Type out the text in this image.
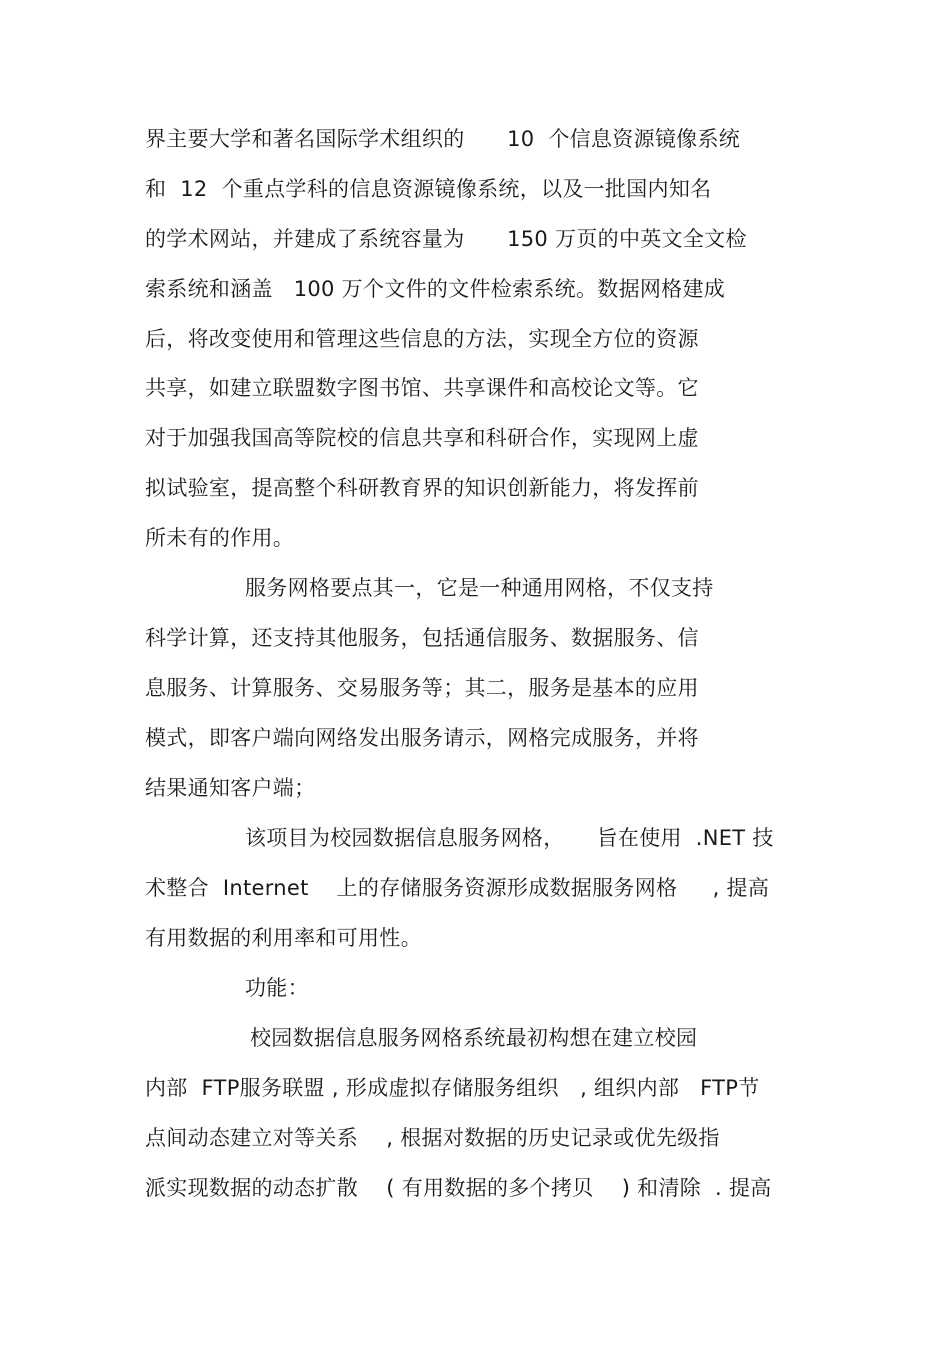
界主要大学和著名国际学术组织的　　10  个信息资源镜像系统

和  12  个重点学科的信息资源镜像系统，以及一批国内知名

的学术网站，并建成了系统容量为　　150 万页的中英文全文检

索系统和涵盖   100 万个文件的文件检索系统。数据网格建成

后，将改变使用和管理这些信息的方法，实现全方位的资源

共享，如建立联盟数字图书馆、共享课件和高校论文等。它

对于加强我国高等院校的信息共享和科研合作，实现网上虚

拟试验室，提高整个科研教育界的知识创新能力，将发挥前

所未有的作用。

服务网格要点其一，它是一种通用网格，不仅支持

科学计算，还支持其他服务，包括通信服务、数据服务、信

息服务、计算服务、交易服务等；其二，服务是基本的应用

模式，即客户端向网络发出服务请示，网格完成服务，并将

结果通知客户端；

该项目为校园数据信息服务网格，　　旨在使用  .NET 技

术整合  Internet    上的存储服务资源形成数据服务网格　  , 提高

有用数据的利用率和可用性。

功能：

校园数据信息服务网格系统最初构想在建立校园

内部  FTP服务联盟 , 形成虚拟存储服务组织　, 组织内部   FTP节

点间动态建立对等关系　 , 根据对数据的历史记录或优先级指

派实现数据的动态扩散　 ( 有用数据的多个拷贝　 ) 和清除  . 提高
